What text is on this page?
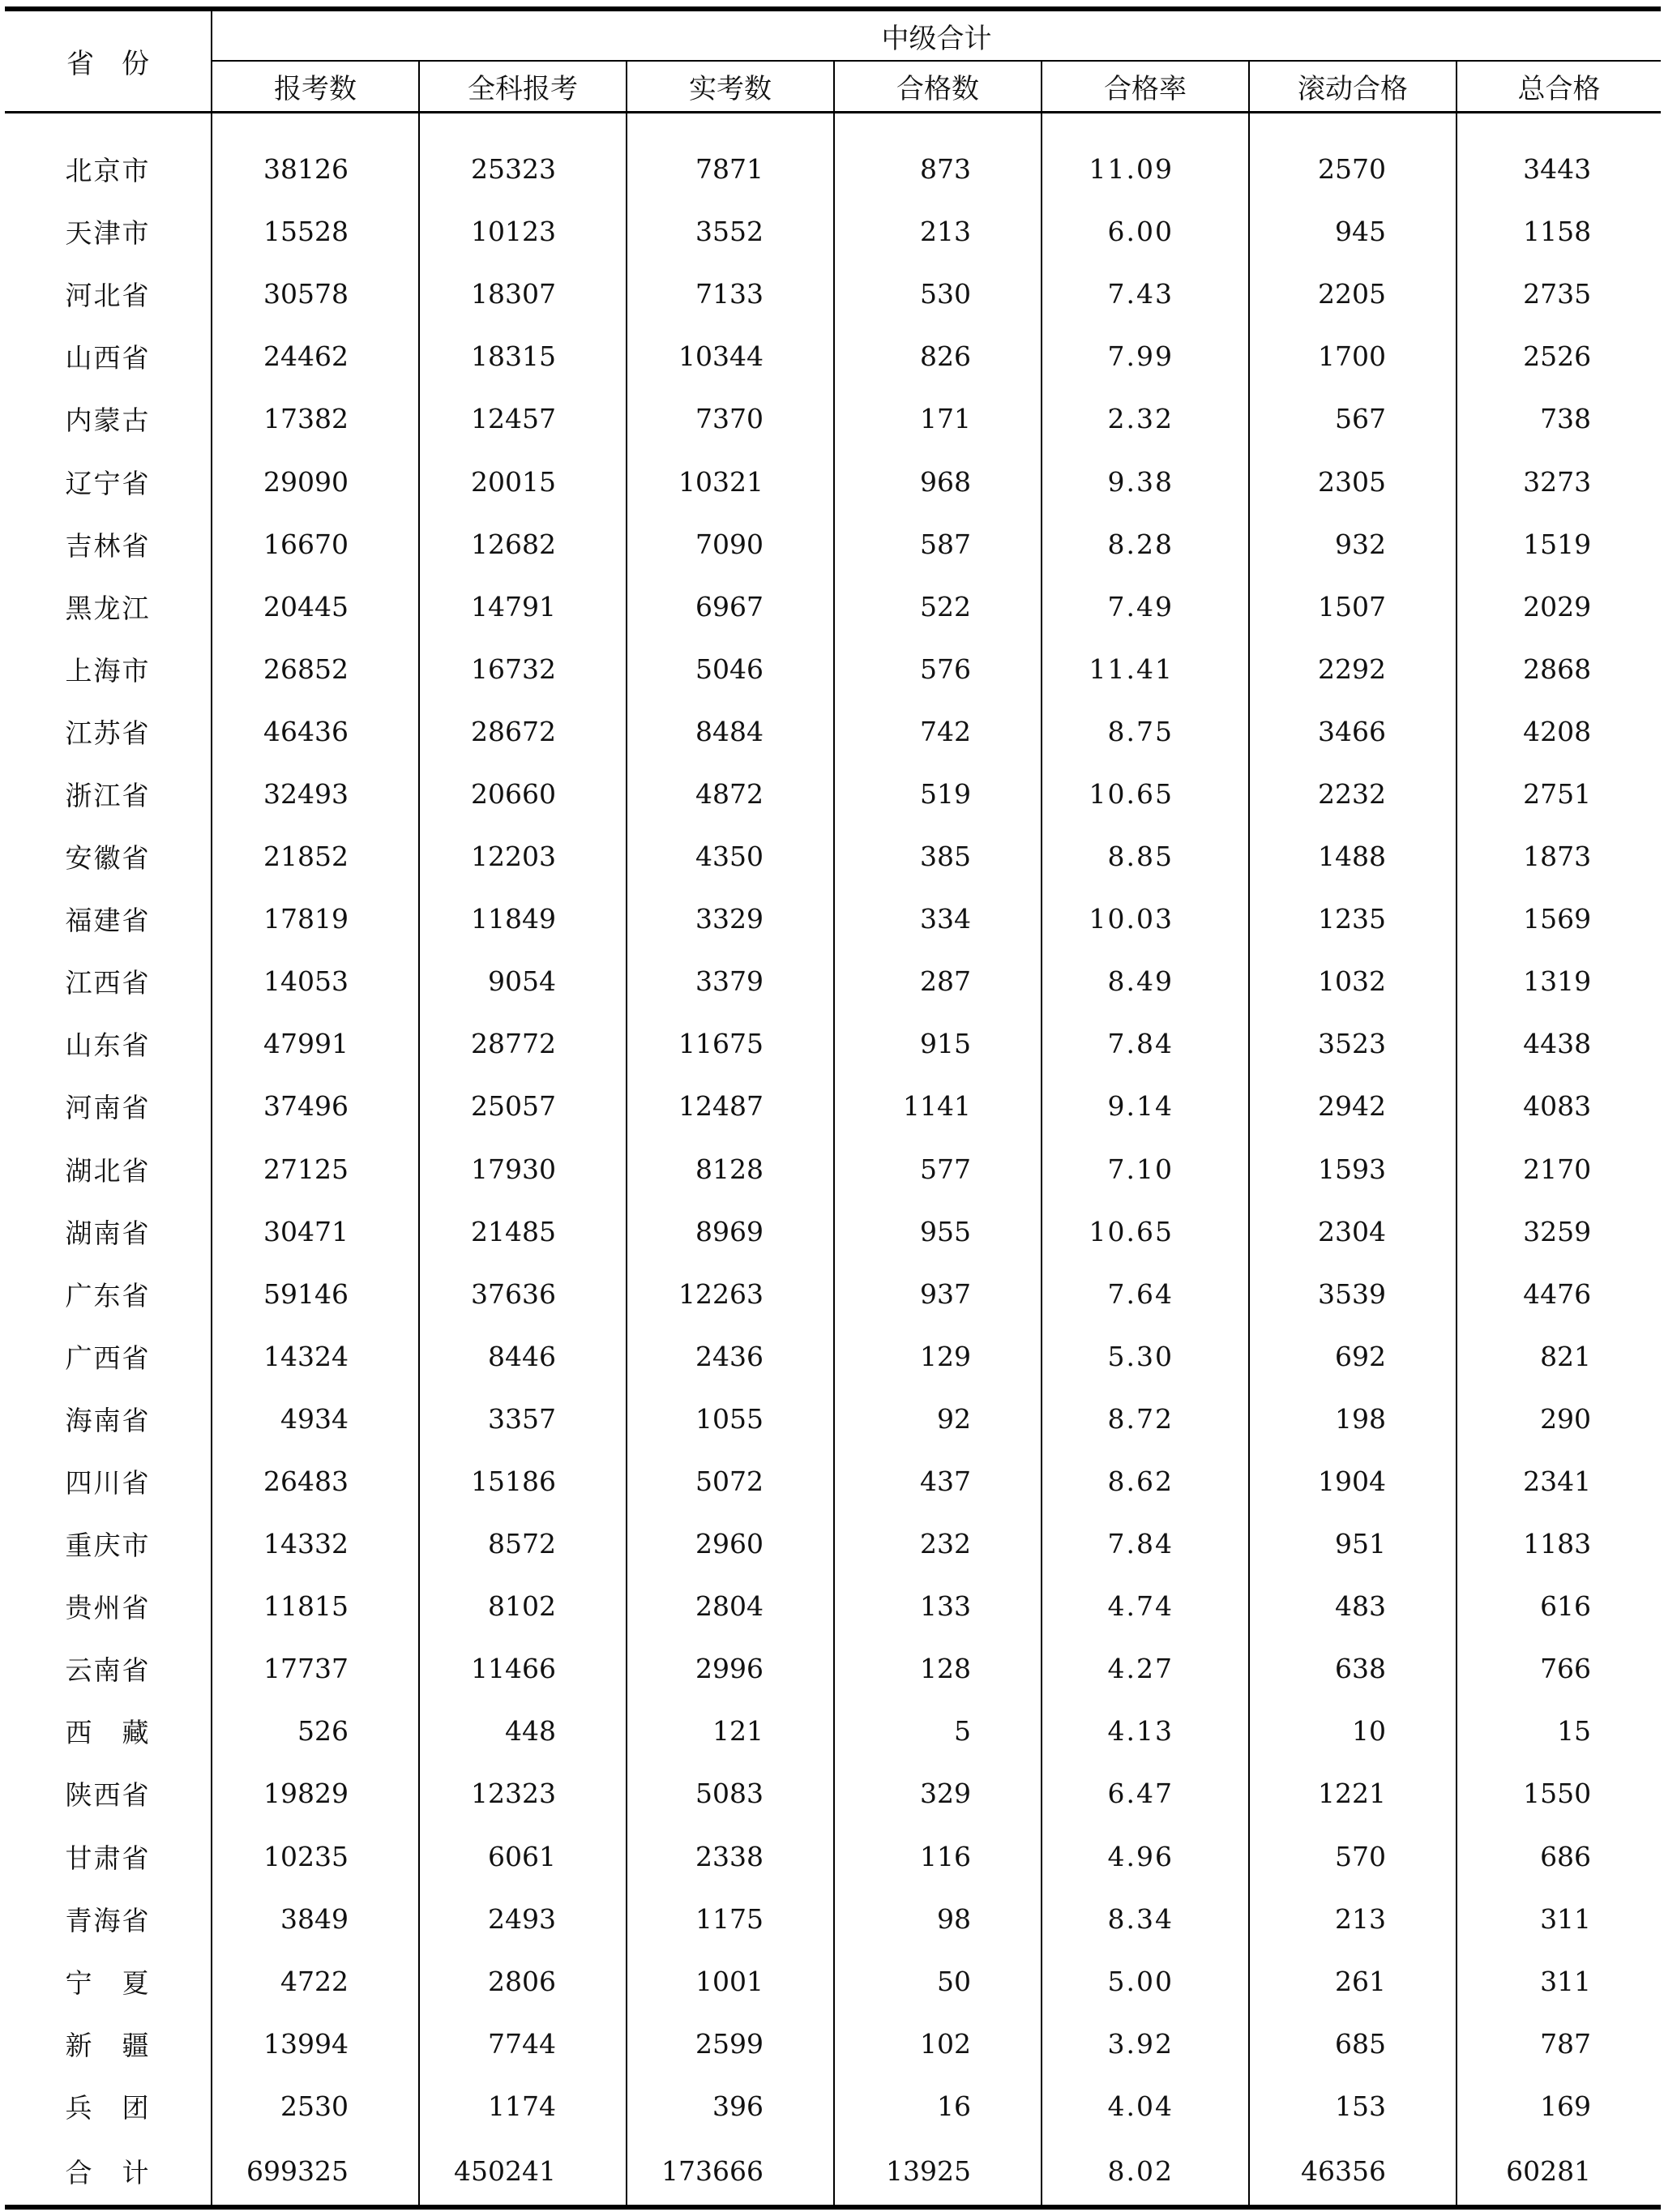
省　份	中级合计						
	报考数	全科报考	实考数	合格数	合格率	滚动合格	总合格

北京市	38126	25323	7871	873	11.09	2570	3443
天津市	15528	10123	3552	213	6.00	945	1158
河北省	30578	18307	7133	530	7.43	2205	2735
山西省	24462	18315	10344	826	7.99	1700	2526
内蒙古	17382	12457	7370	171	2.32	567	738
辽宁省	29090	20015	10321	968	9.38	2305	3273
吉林省	16670	12682	7090	587	8.28	932	1519
黑龙江	20445	14791	6967	522	7.49	1507	2029
上海市	26852	16732	5046	576	11.41	2292	2868
江苏省	46436	28672	8484	742	8.75	3466	4208
浙江省	32493	20660	4872	519	10.65	2232	2751
安徽省	21852	12203	4350	385	8.85	1488	1873
福建省	17819	11849	3329	334	10.03	1235	1569
江西省	14053	9054	3379	287	8.49	1032	1319
山东省	47991	28772	11675	915	7.84	3523	4438
河南省	37496	25057	12487	1141	9.14	2942	4083
湖北省	27125	17930	8128	577	7.10	1593	2170
湖南省	30471	21485	8969	955	10.65	2304	3259
广东省	59146	37636	12263	937	7.64	3539	4476
广西省	14324	8446	2436	129	5.30	692	821
海南省	4934	3357	1055	92	8.72	198	290
四川省	26483	15186	5072	437	8.62	1904	2341
重庆市	14332	8572	2960	232	7.84	951	1183
贵州省	11815	8102	2804	133	4.74	483	616
云南省	17737	11466	2996	128	4.27	638	766
西　藏	526	448	121	5	4.13	10	15
陕西省	19829	12323	5083	329	6.47	1221	1550
甘肃省	10235	6061	2338	116	4.96	570	686
青海省	3849	2493	1175	98	8.34	213	311
宁　夏	4722	2806	1001	50	5.00	261	311
新　疆	13994	7744	2599	102	3.92	685	787
兵　团	2530	1174	396	16	4.04	153	169
合　计	699325	450241	173666	13925	8.02	46356	60281
